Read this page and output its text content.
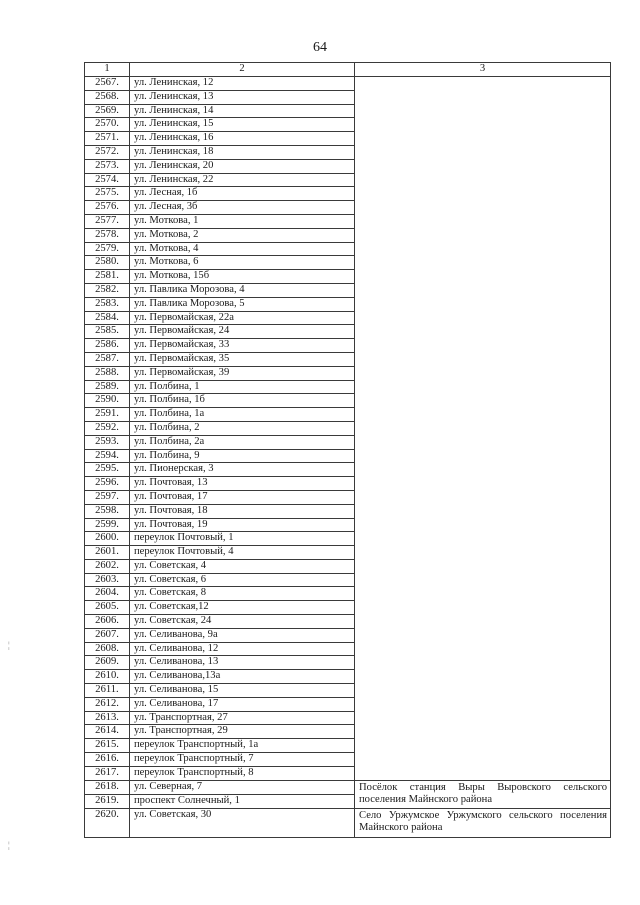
64
1	2	3
2567.	ул. Ленинская, 12	
2568.	ул. Ленинская, 13	
2569.	ул. Ленинская, 14	
2570.	ул. Ленинская, 15	
2571.	ул. Ленинская, 16	
2572.	ул. Ленинская, 18	
2573.	ул. Ленинская, 20	
2574.	ул. Ленинская, 22	
2575.	ул. Лесная, 1б	
2576.	ул. Лесная, 3б	
2577.	ул. Моткова, 1	
2578.	ул. Моткова, 2	
2579.	ул. Моткова, 4	
2580.	ул. Моткова, 6	
2581.	ул. Моткова, 15б	
2582.	ул. Павлика Морозова, 4	
2583.	ул. Павлика Морозова, 5	
2584.	ул. Первомайская, 22а	
2585.	ул. Первомайская, 24	
2586.	ул. Первомайская, 33	
2587.	ул. Первомайская, 35	
2588.	ул. Первомайская, 39	
2589.	ул. Полбина, 1	
2590.	ул. Полбина, 1б	
2591.	ул. Полбина, 1а	
2592.	ул. Полбина, 2	
2593.	ул. Полбина, 2а	
2594.	ул. Полбина, 9	
2595.	ул. Пионерская, 3	
2596.	ул. Почтовая, 13	
2597.	ул. Почтовая, 17	
2598.	ул. Почтовая, 18	
2599.	ул. Почтовая, 19	
2600.	переулок Почтовый, 1	
2601.	переулок Почтовый, 4	
2602.	ул. Советская, 4	
2603.	ул. Советская, 6	
2604.	ул. Советская, 8	
2605.	ул. Советская,12	
2606.	ул. Советская, 24	
2607.	ул. Селиванова, 9а	
2608.	ул. Селиванова, 12	
2609.	ул. Селиванова, 13	
2610.	ул. Селиванова,13а	
2611.	ул. Селиванова, 15	
2612.	ул. Селиванова, 17	
2613.	ул. Транспортная, 27	
2614.	ул. Транспортная, 29	
2615.	переулок Транспортный, 1а	
2616.	переулок Транспортный, 7	
2617.	переулок Транспортный, 8	
2618.	ул. Северная, 7	Посёлок станция Выры Выровского сельского поселения Майнского района
2619.	проспект Солнечный, 1	
2620.	ул. Советская, 30	Село Уржумское Уржумского сельского поселения Майнского района
¦
¦
